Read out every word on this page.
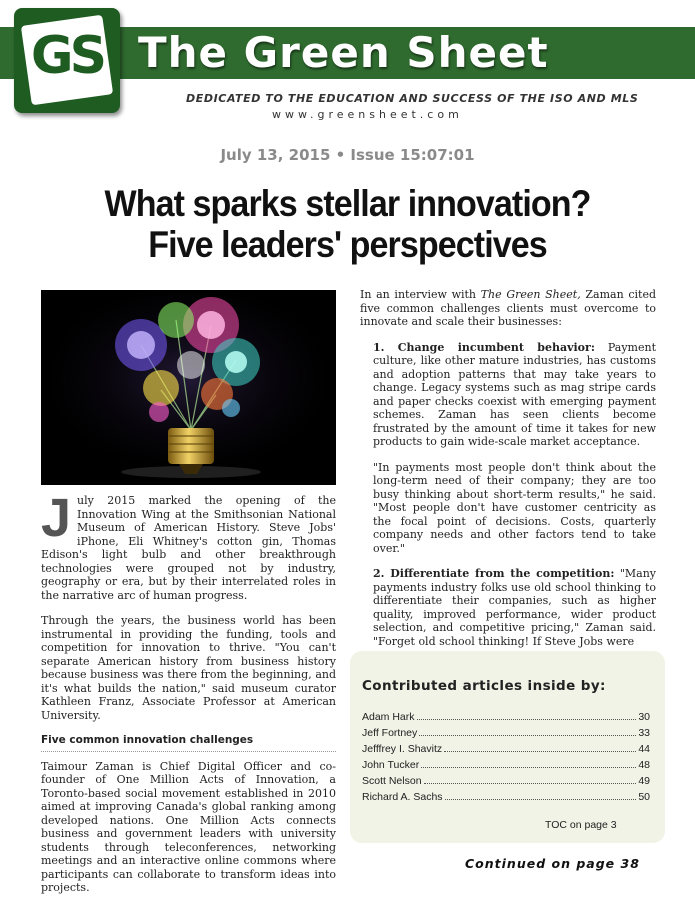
GS The Green Sheet
DEDICATED TO THE EDUCATION AND SUCCESS OF THE ISO AND MLS
www.greensheet.com
July 13, 2015 • Issue 15:07:01
What sparks stellar innovation?
Five leaders' perspectives

July 2015 marked the opening of the Innovation Wing at the Smithsonian National Museum of American History. Steve Jobs' iPhone, Eli Whitney's cotton gin, Thomas Edison's light bulb and other breakthrough technologies were grouped not by industry, geography or era, but by their interrelated roles in the narrative arc of human progress.

Through the years, the business world has been instrumental in providing the funding, tools and competition for innovation to thrive. "You can't separate American history from business history because business was there from the beginning, and it's what builds the nation," said museum curator Kathleen Franz, Associate Professor at American University.

Five common innovation challenges

Taimour Zaman is Chief Digital Officer and co-founder of One Million Acts of Innovation, a Toronto-based social movement established in 2010 aimed at improving Canada's global ranking among developed nations. One Million Acts connects business and government leaders with university students through teleconferences, networking meetings and an interactive online commons where participants can collaborate to transform ideas into projects.

In an interview with The Green Sheet, Zaman cited five common challenges clients must overcome to innovate and scale their businesses:

1. Change incumbent behavior: Payment culture, like other mature industries, has customs and adoption patterns that may take years to change. Legacy systems such as mag stripe cards and paper checks coexist with emerging payment schemes. Zaman has seen clients become frustrated by the amount of time it takes for new products to gain wide-scale market acceptance.

"In payments most people don't think about the long-term need of their company; they are too busy thinking about short-term results," he said. "Most people don't have customer centricity as the focal point of decisions. Costs, quarterly company needs and other factors tend to take over."

2. Differentiate from the competition: "Many payments industry folks use old school thinking to differentiate their companies, such as higher quality, improved performance, wider product selection, and competitive pricing," Zaman said. "Forget old school thinking! If Steve Jobs were

Contributed articles inside by:
Adam Hark	30
Jeff Fortney	33
Jefffrey I. Shavitz	44
John Tucker	48
Scott Nelson	49
Richard A. Sachs	50
TOC on page 3
Continued on page 38
